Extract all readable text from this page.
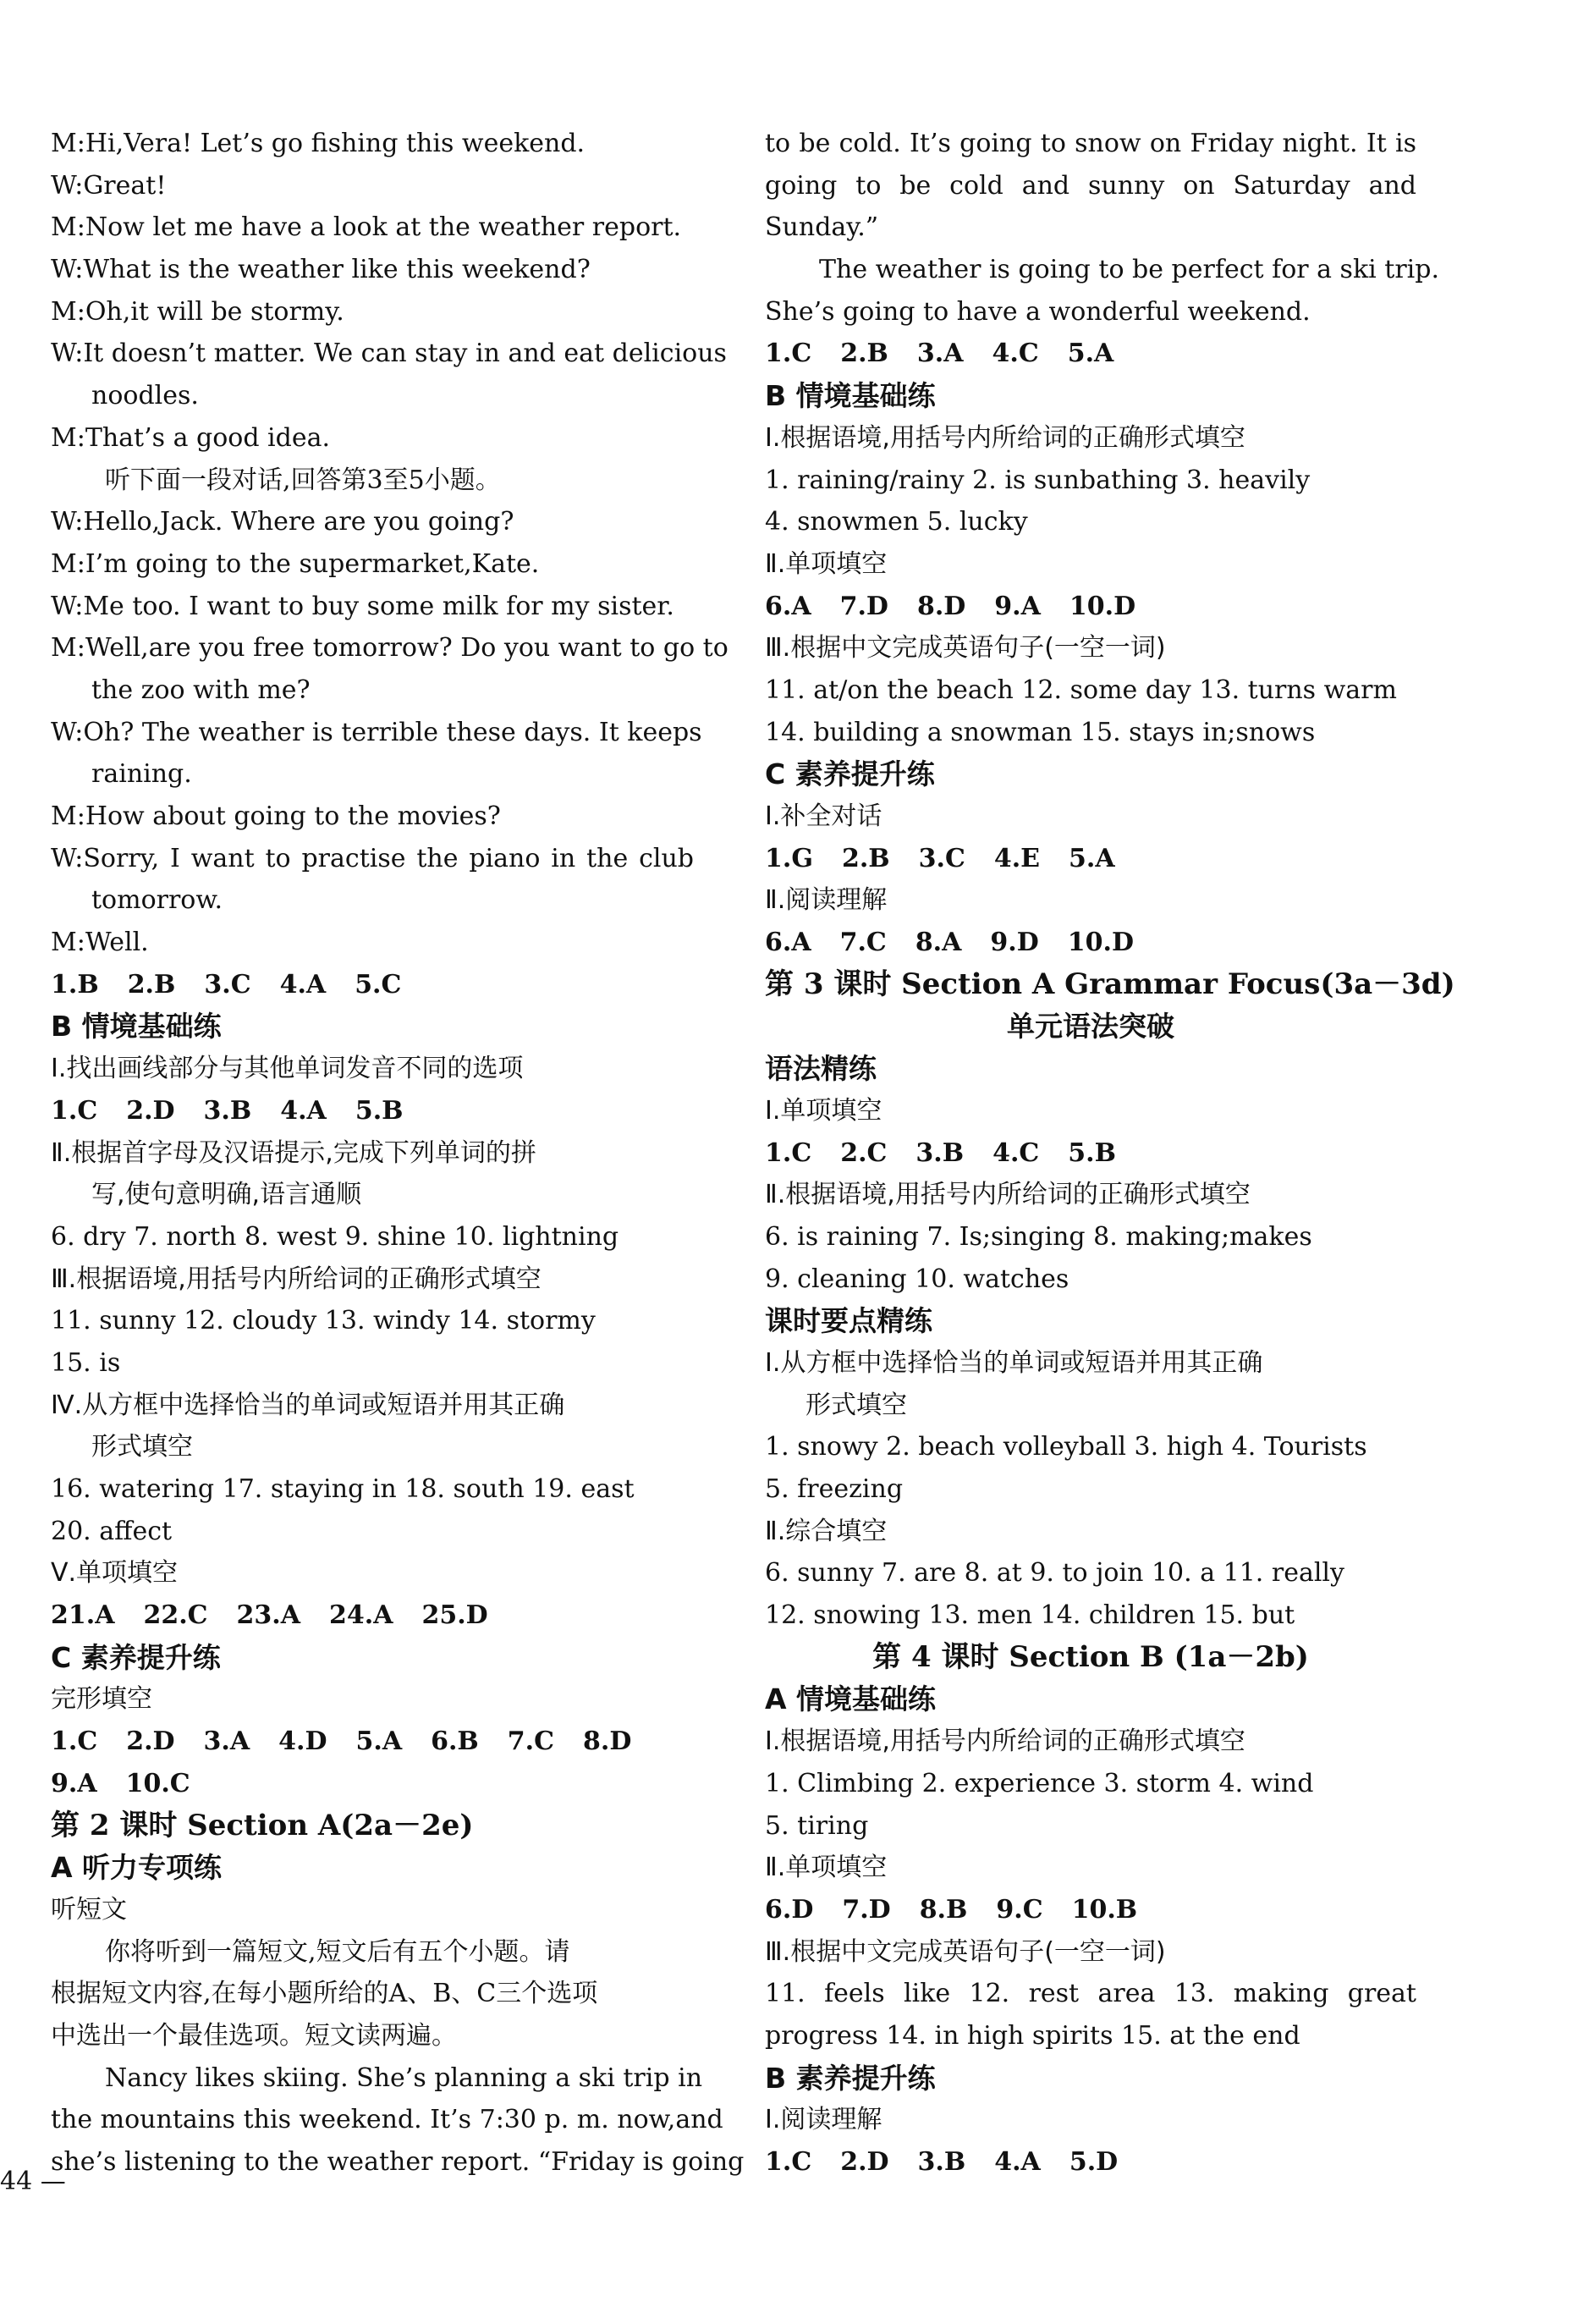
M:Hi,Vera! Let’s go fishing this weekend.
W:Great!
M:Now let me have a look at the weather report.
W:What is the weather like this weekend?
M:Oh,it will be stormy.
W:It doesn’t matter. We can stay in and eat delicious
noodles.
M:That’s a good idea.
听下面一段对话,回答第3至5小题。
W:Hello,Jack. Where are you going?
M:I’m going to the supermarket,Kate.
W:Me too. I want to buy some milk for my sister.
M:Well,are you free tomorrow? Do you want to go to
the zoo with me?
W:Oh? The weather is terrible these days. It keeps
raining.
M:How about going to the movies?
W:Sorry, I want to practise the piano in the club
tomorrow.
M:Well.
1.B 2.B 3.C 4.A 5.C
B 情境基础练
Ⅰ.找出画线部分与其他单词发音不同的选项
1.C 2.D 3.B 4.A 5.B
Ⅱ.根据首字母及汉语提示,完成下列单词的拼
写,使句意明确,语言通顺
6. dry 7. north 8. west 9. shine 10. lightning
Ⅲ.根据语境,用括号内所给词的正确形式填空
11. sunny 12. cloudy 13. windy 14. stormy
15. is
Ⅳ.从方框中选择恰当的单词或短语并用其正确
形式填空
16. watering 17. staying in 18. south 19. east
20. affect
Ⅴ.单项填空
21.A 22.C 23.A 24.A 25.D
C 素养提升练
完形填空
1.C 2.D 3.A 4.D 5.A 6.B 7.C 8.D
9.A 10.C
第 2 课时 Section A(2a－2e)
A 听力专项练
听短文
你将听到一篇短文,短文后有五个小题。请
根据短文内容,在每小题所给的A、B、C三个选项
中选出一个最佳选项。短文读两遍。
Nancy likes skiing. She’s planning a ski trip in
the mountains this weekend. It’s 7:30 p. m. now,and
she’s listening to the weather report. “Friday is going
to be cold. It’s going to snow on Friday night. It is
going to be cold and sunny on Saturday and
Sunday.”
The weather is going to be perfect for a ski trip.
She’s going to have a wonderful weekend.
1.C 2.B 3.A 4.C 5.A
B 情境基础练
Ⅰ.根据语境,用括号内所给词的正确形式填空
1. raining/rainy 2. is sunbathing 3. heavily
4. snowmen 5. lucky
Ⅱ.单项填空
6.A 7.D 8.D 9.A 10.D
Ⅲ.根据中文完成英语句子(一空一词)
11. at/on the beach 12. some day 13. turns warm
14. building a snowman 15. stays in;snows
C 素养提升练
Ⅰ.补全对话
1.G 2.B 3.C 4.E 5.A
Ⅱ.阅读理解
6.A 7.C 8.A 9.D 10.D
第 3 课时 Section A Grammar Focus(3a－3d)
单元语法突破
语法精练
Ⅰ.单项填空
1.C 2.C 3.B 4.C 5.B
Ⅱ.根据语境,用括号内所给词的正确形式填空
6. is raining 7. Is;singing 8. making;makes
9. cleaning 10. watches
课时要点精练
Ⅰ.从方框中选择恰当的单词或短语并用其正确
形式填空
1. snowy 2. beach volleyball 3. high 4. Tourists
5. freezing
Ⅱ.综合填空
6. sunny 7. are 8. at 9. to join 10. a 11. really
12. snowing 13. men 14. children 15. but
第 4 课时 Section B (1a－2b)
A 情境基础练
Ⅰ.根据语境,用括号内所给词的正确形式填空
1. Climbing 2. experience 3. storm 4. wind
5. tiring
Ⅱ.单项填空
6.D 7.D 8.B 9.C 10.B
Ⅲ.根据中文完成英语句子(一空一词)
11. feels like 12. rest area 13. making great
progress 14. in high spirits 15. at the end
B 素养提升练
Ⅰ.阅读理解
1.C 2.D 3.B 4.A 5.D
44 —
